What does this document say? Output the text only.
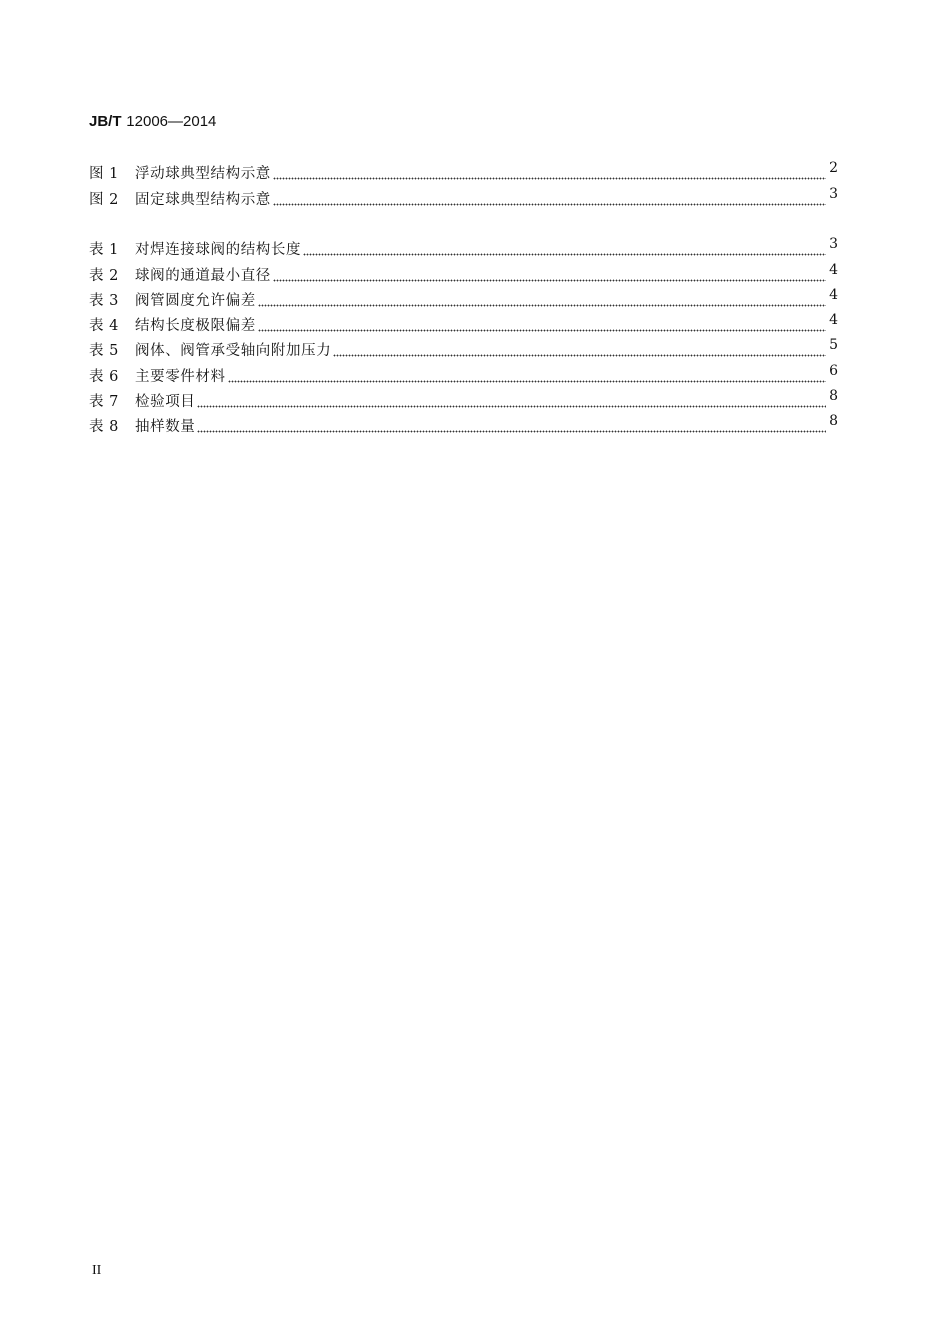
JB/T 12006—2014
图 1	浮动球典型结构示意	2
图 2	固定球典型结构示意	3
表 1	对焊连接球阀的结构长度	3
表 2	球阀的通道最小直径	4
表 3	阀管圆度允许偏差	4
表 4	结构长度极限偏差	4
表 5	阀体、阀管承受轴向附加压力	5
表 6	主要零件材料	6
表 7	检验项目	8
表 8	抽样数量	8
II
